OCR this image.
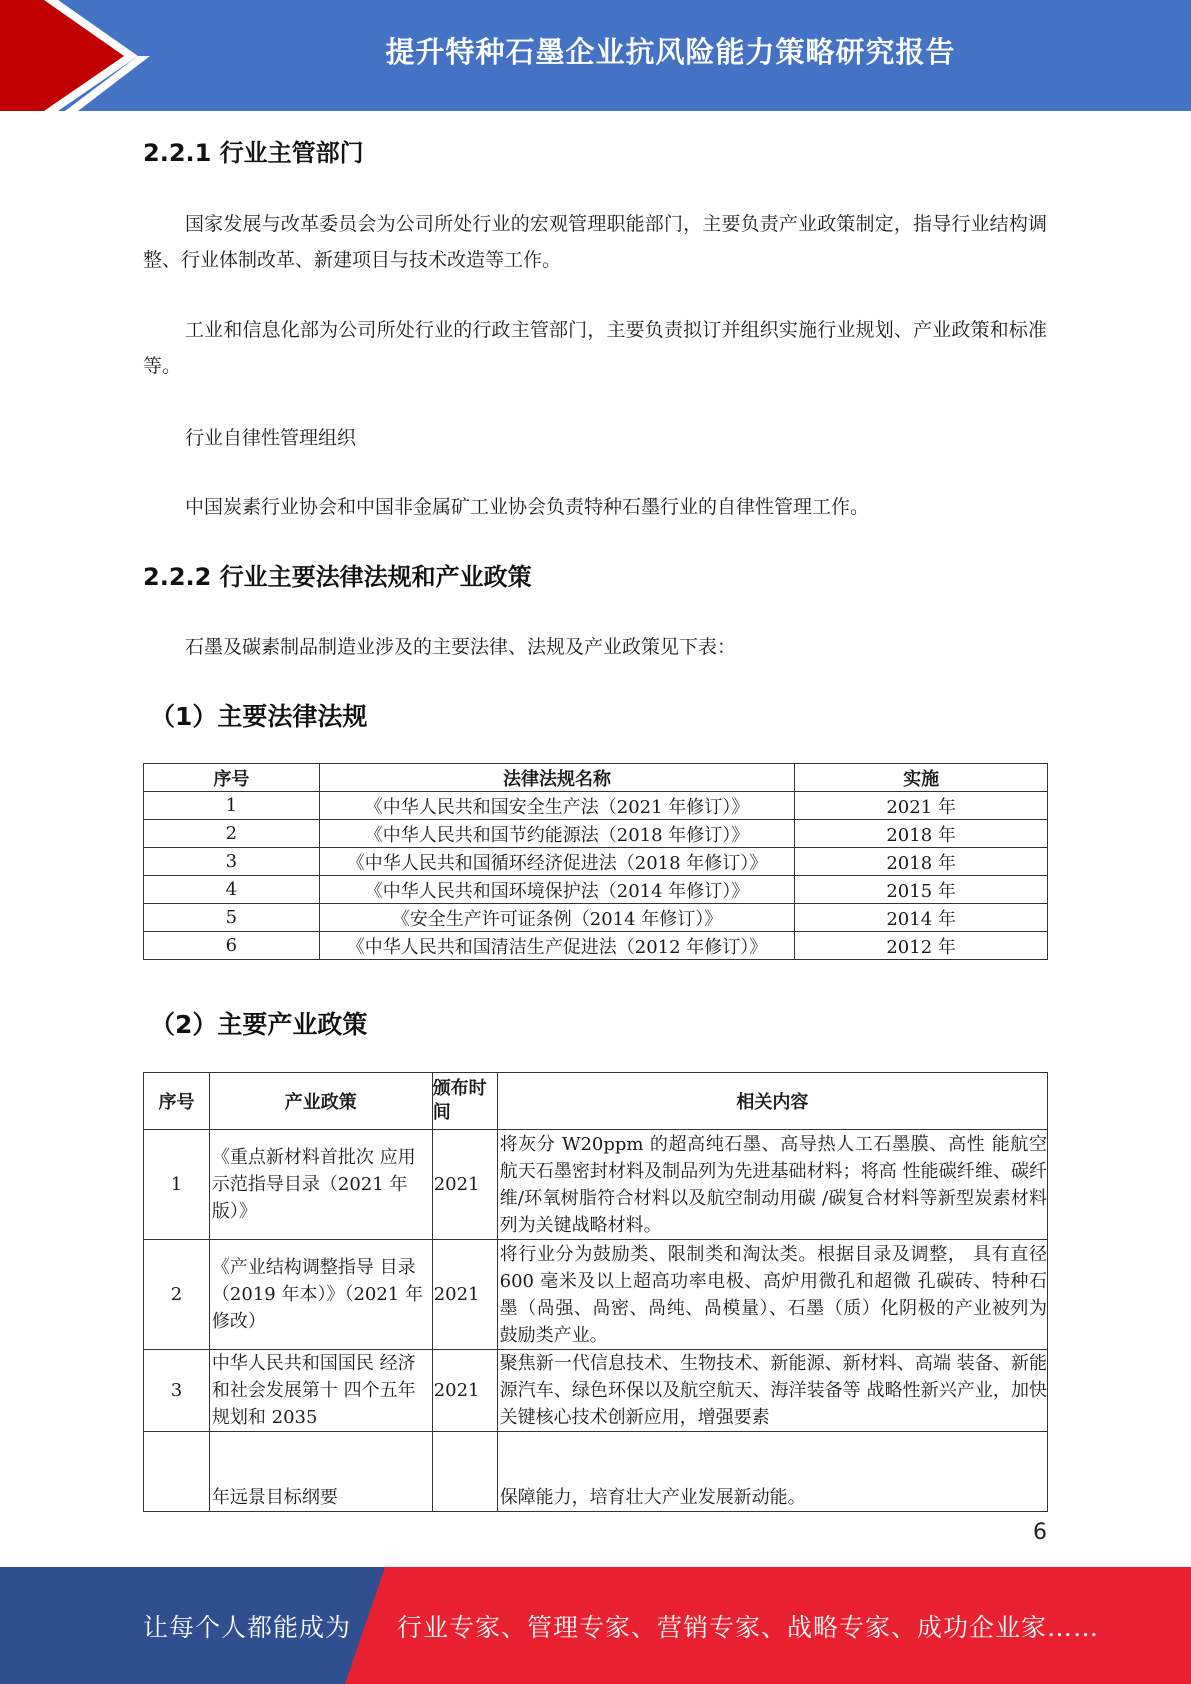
提升特种石墨企业抗风险能力策略研究报告
2.2.1 行业主管部门
国家发展与改革委员会为公司所处行业的宏观管理职能部门，主要负责产业政策制定，指导行业结构调整、行业体制改革、新建项目与技术改造等工作。
工业和信息化部为公司所处行业的行政主管部门，主要负责拟订并组织实施行业规划、产业政策和标准等。
行业自律性管理组织
中国炭素行业协会和中国非金属矿工业协会负责特种石墨行业的自律性管理工作。
2.2.2 行业主要法律法规和产业政策
石墨及碳素制品制造业涉及的主要法律、法规及产业政策见下表：
（1）主要法律法规
序号	法律法规名称	实施
1	《中华人民共和国安全生产法（2021 年修订）》	2021 年
2	《中华人民共和国节约能源法（2018 年修订）》	2018 年
3	《中华人民共和国循环经济促进法（2018 年修订）》	2018 年
4	《中华人民共和国环境保护法（2014 年修订）》	2015 年
5	《安全生产许可证条例（2014 年修订）》	2014 年
6	《中华人民共和国清洁生产促进法（2012 年修订）》	2012 年
（2）主要产业政策
序号	产业政策	颁布时间	相关内容
1	《重点新材料首批次 应用示范指导目录（2021 年版）》	2021	将灰分 W20ppm 的超高纯石墨、高导热人工石墨膜、高性 能航空航天石墨密封材料及制品列为先进基础材料；将高 性能碳纤维、碳纤维/环氧树脂符合材料以及航空制动用碳 /碳复合材料等新型炭素材料列为关键战略材料。
2	《产业结构调整指导 目录（2019 年本）》（2021 年修改）	2021	将行业分为鼓励类、限制类和淘汰类。根据目录及调整， 具有直径 600 毫米及以上超高功率电极、高炉用微孔和超微 孔碳砖、特种石墨（咼强、咼密、咼纯、咼模量）、石墨（质）化阴极的产业被列为鼓励类产业。
3	中华人民共和国国民 经济和社会发展第十 四个五年规划和 2035	2021	聚焦新一代信息技术、生物技术、新能源、新材料、高端 装备、新能源汽车、绿色环保以及航空航天、海洋装备等 战略性新兴产业，加快关键核心技术创新应用，增强要素
	年远景目标纲要		保障能力，培育壮大产业发展新动能。
6
让每个人都能成为 行业专家、管理专家、营销专家、战略专家、成功企业家……
